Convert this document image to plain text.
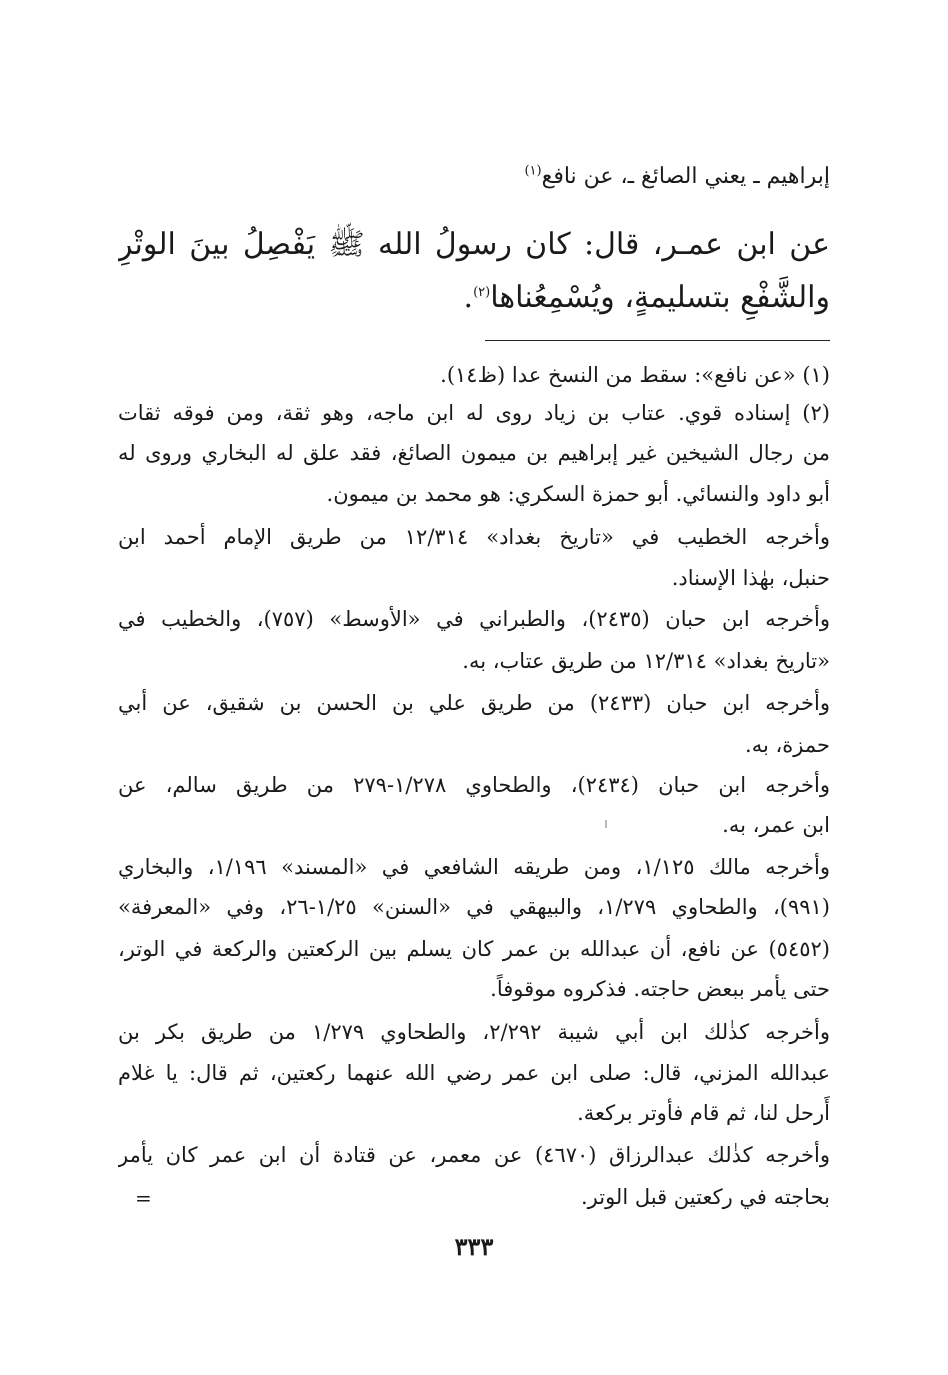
إبراهيم ـ يعني الصائغ ـ، عن نافع$^{(١)}$
عن ابن عمـر، قال: كان رسولُ الله ﷺ يَفْصِلُ بينَ الوتْرِ
والشَّفْعِ بتسليمةٍ، ويُسْمِعُناها$^{(٢)}$.
(١) «عن نافع»: سقط من النسخ عدا (ظ١٤).
(٢) إسناده قوي. عتاب بن زياد روى له ابن ماجه، وهو ثقة، ومن فوقه ثقات
من رجال الشيخين غير إبراهيم بن ميمون الصائغ، فقد علق له البخاري وروى له
أبو داود والنسائي. أبو حمزة السكري: هو محمد بن ميمون.
وأخرجه الخطيب في «تاريخ بغداد» ١٢/٣١٤ من طريق الإمام أحمد ابن
حنبل، بهٰذا الإسناد.
وأخرجه ابن حبان (٢٤٣٥)، والطبراني في «الأوسط» (٧٥٧)، والخطيب في
«تاريخ بغداد» ١٢/٣١٤ من طريق عتاب، به.
وأخرجه ابن حبان (٢٤٣٣) من طريق علي بن الحسن بن شقيق، عن أبي
حمزة، به.
وأخرجه ابن حبان (٢٤٣٤)، والطحاوي ١/٢٧٨-٢٧٩ من طريق سالم، عن
ابن عمر، به.
وأخرجه مالك ١/١٢٥، ومن طريقه الشافعي في «المسند» ١/١٩٦، والبخاري
(٩٩١)، والطحاوي ١/٢٧٩، والبيهقي في «السنن» ١/٢٥-٢٦، وفي «المعرفة»
(٥٤٥٢) عن نافع، أن عبدالله بن عمر كان يسلم بين الركعتين والركعة في الوتر،
حتى يأمر ببعض حاجته. فذكروه موقوفاً.
وأخرجه كذٰلك ابن أبي شيبة ٢/٢٩٢، والطحاوي ١/٢٧٩ من طريق بكر بن
عبدالله المزني، قال: صلى ابن عمر رضي الله عنهما ركعتين، ثم قال: يا غلام
أَرحل لنا، ثم قام فأوتر بركعة.
وأخرجه كذٰلك عبدالرزاق (٤٦٧٠) عن معمر، عن قتادة أن ابن عمر كان يأمر
بحاجته في ركعتين قبل الوتر.
=
٣٣٣
